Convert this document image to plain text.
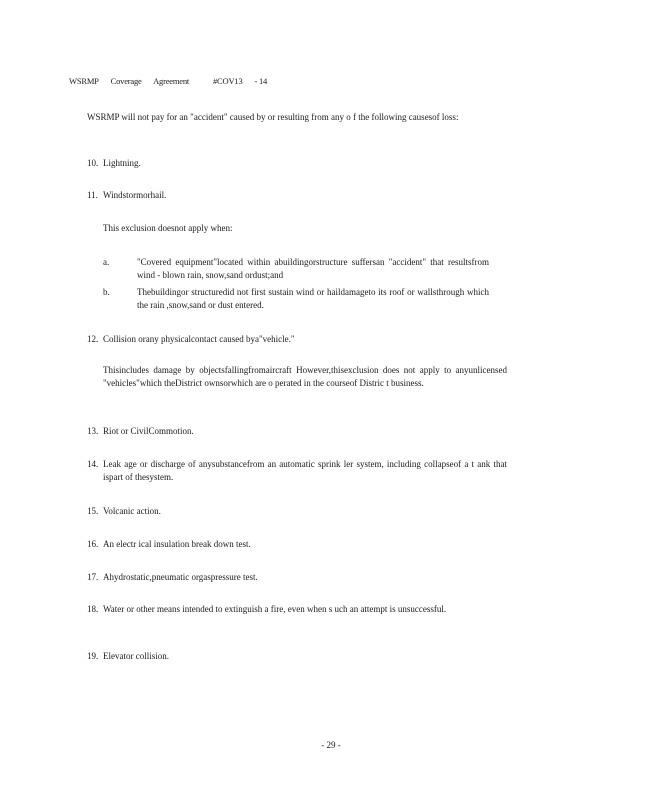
WSRMP Coverage Agreement	#COV13 - 14
WSRMP will not pay for an "accident" caused by or resulting from any o f the following causesof loss:
10. Lightning.
11. Windstormorhail.
This exclusion doesnot apply when:
a.	"Covered equipment"located within abuildingorstructure suffersan "accident" that resultsfrom wind - blown rain, snow,sand ordust;and
b.	Thebuildingor structuredid not first sustain wind or haildamageto its roof or wallsthrough which the rain ,snow,sand or dust entered.
12. Collision orany physicalcontact caused bya"vehicle."
Thisincludes damage by objectsfallingfromaircraft However,thisexclusion does not apply to anyunlicensed "vehicles"which theDistrict ownsorwhich are o perated in the courseof Distric t business.
13. Riot or CivilCommotion.
14. Leak age or discharge of anysubstancefrom an automatic sprink ler system, including collapseof a t ank that ispart of thesystem.
15. Volcanic action.
16. An electr ical insulation break down test.
17. Ahydrostatic,pneumatic orgaspressure test.
18. Water or other means intended to extinguish a fire, even when s uch an attempt is unsuccessful.
19. Elevator collision.
- 29 -
